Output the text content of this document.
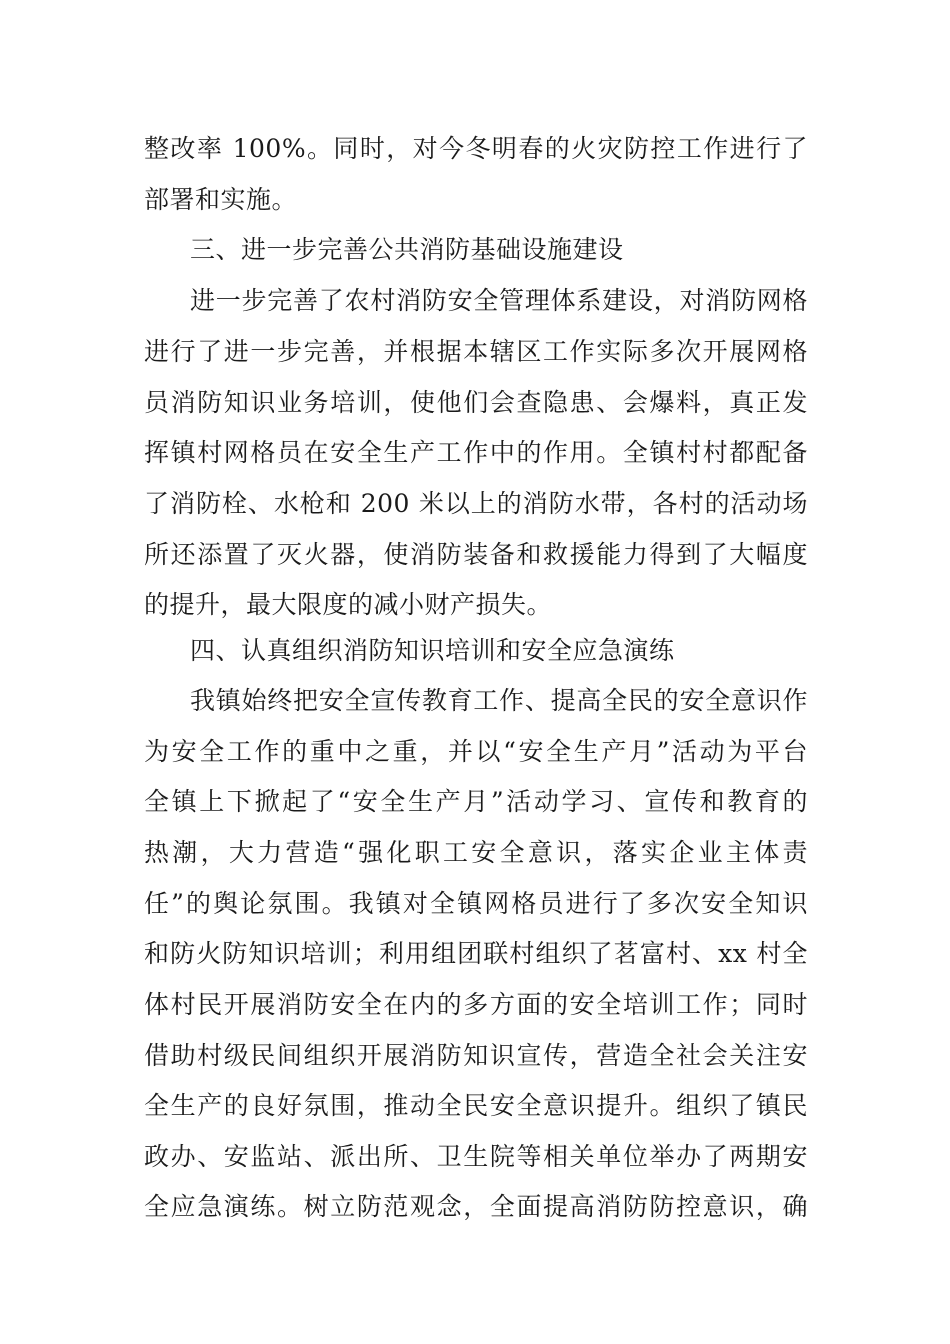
整改率 100%。同时，对今冬明春的火灾防控工作进行了
部署和实施。
三、进一步完善公共消防基础设施建设
进一步完善了农村消防安全管理体系建设，对消防网格
进行了进一步完善，并根据本辖区工作实际多次开展网格
员消防知识业务培训，使他们会查隐患、会爆料，真正发
挥镇村网格员在安全生产工作中的作用。全镇村村都配备
了消防栓、水枪和 200 米以上的消防水带，各村的活动场
所还添置了灭火器，使消防装备和救援能力得到了大幅度
的提升，最大限度的减小财产损失。
四、认真组织消防知识培训和安全应急演练
我镇始终把安全宣传教育工作、提高全民的安全意识作
为安全工作的重中之重，并以“安全生产月”活动为平台
全镇上下掀起了“安全生产月”活动学习、宣传和教育的
热潮，大力营造“强化职工安全意识，落实企业主体责
任”的舆论氛围。我镇对全镇网格员进行了多次安全知识
和防火防知识培训；利用组团联村组织了茗富村、xx 村全
体村民开展消防安全在内的多方面的安全培训工作；同时
借助村级民间组织开展消防知识宣传，营造全社会关注安
全生产的良好氛围，推动全民安全意识提升。组织了镇民
政办、安监站、派出所、卫生院等相关单位举办了两期安
全应急演练。树立防范观念，全面提高消防防控意识，确
